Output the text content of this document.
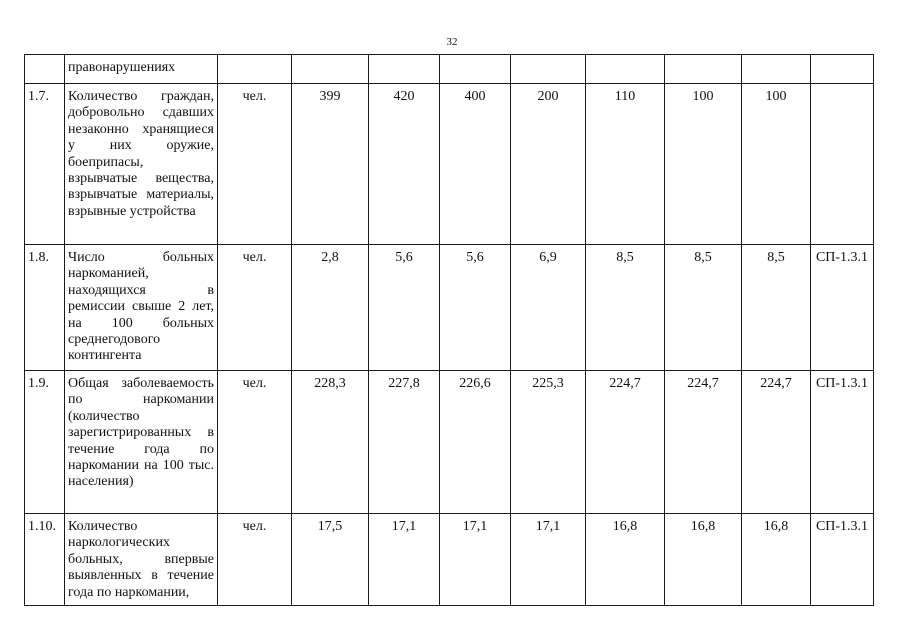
32
	правонарушениях									
1.7.	Количество граждан, добровольно сдавших незаконно хранящиеся у них оружие, боеприпасы, взрывчатые вещества, взрывчатые материалы, взрывные устройства	чел.	399	420	400	200	110	100	100	
1.8.	Число больных наркоманией, находящихся в ремиссии свыше 2 лет, на 100 больных среднегодового контингента	чел.	2,8	5,6	5,6	6,9	8,5	8,5	8,5	СП-1.3.1
1.9.	Общая заболеваемость по наркомании (количество зарегистрированных в течение года по наркомании на 100 тыс. населения)	чел.	228,3	227,8	226,6	225,3	224,7	224,7	224,7	СП-1.3.1
1.10.	Количество наркологических больных, впервые выявленных в течение года по наркомании,	чел.	17,5	17,1	17,1	17,1	16,8	16,8	16,8	СП-1.3.1
